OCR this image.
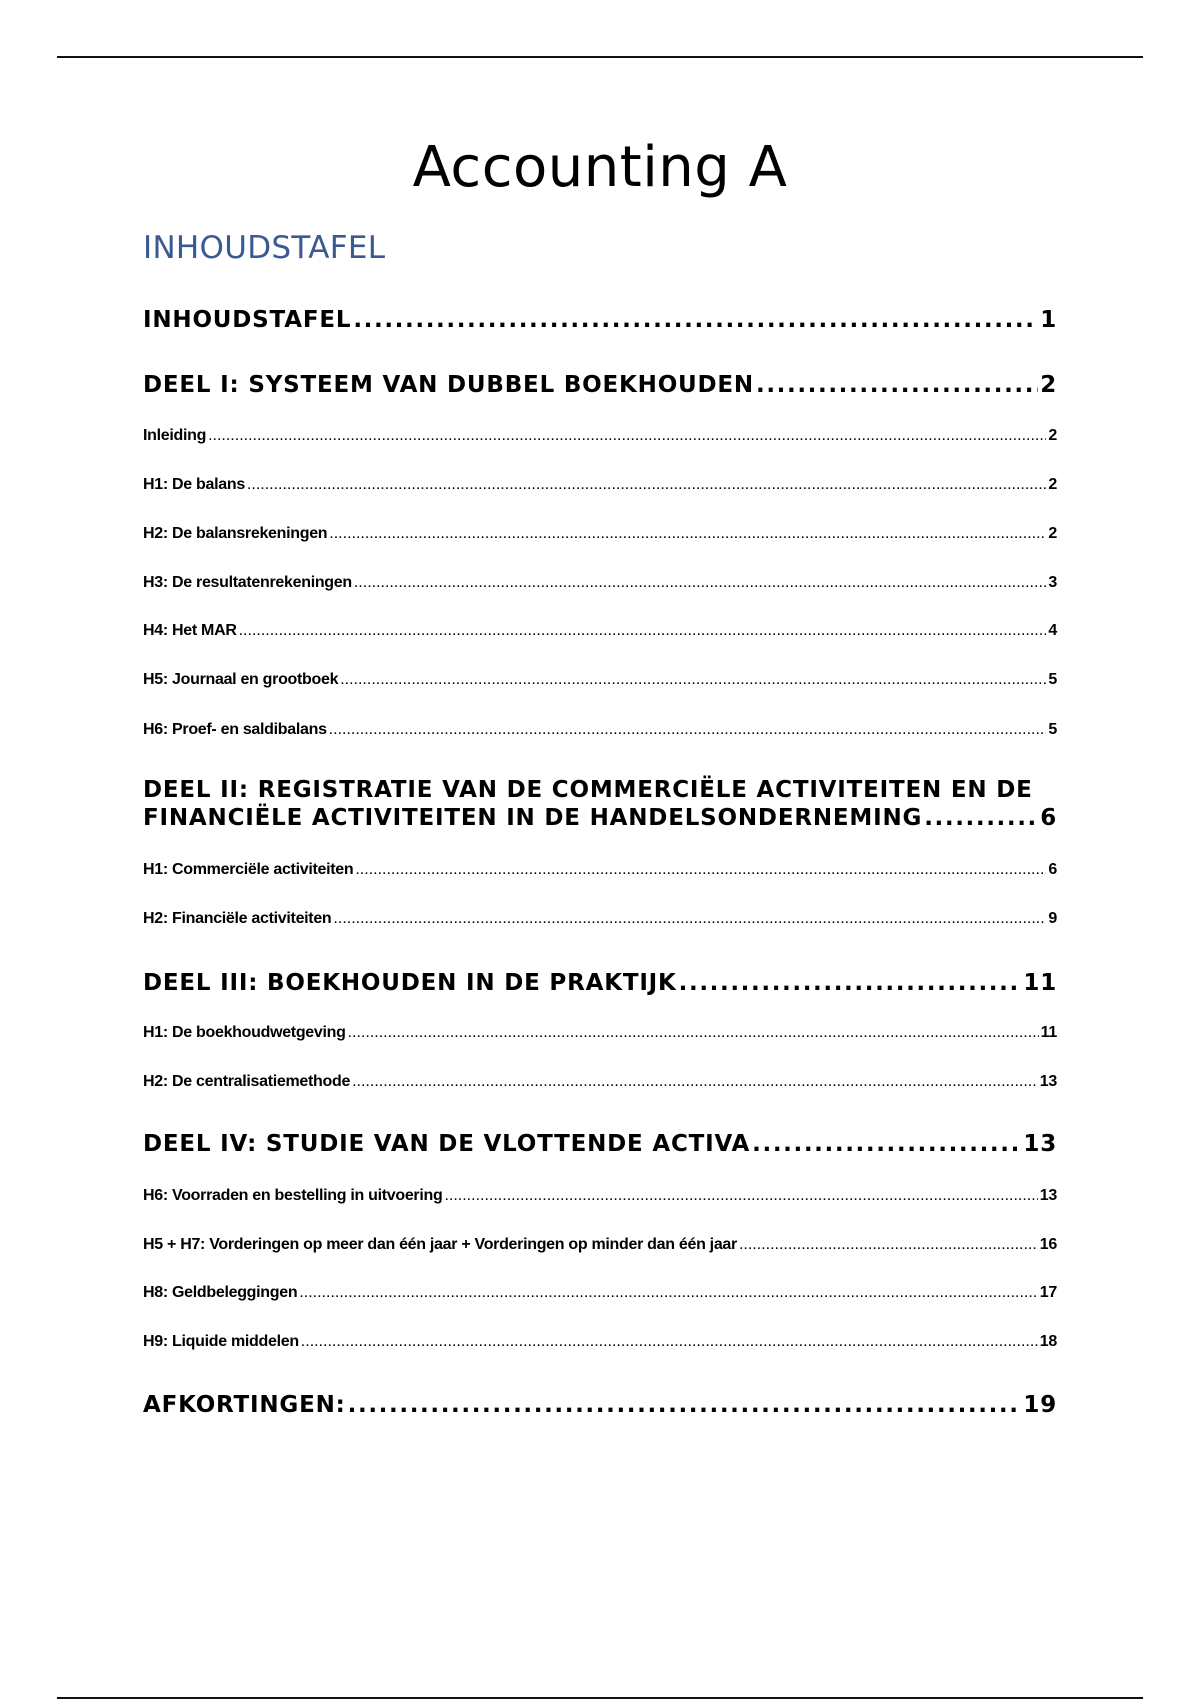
Accounting A
INHOUDSTAFEL
INHOUDSTAFEL .....	1
DEEL I: SYSTEEM VAN DUBBEL BOEKHOUDEN .....	2
Inleiding .....	2
H1: De balans .....	2
H2: De balansrekeningen .....	2
H3: De resultatenrekeningen .....	3
H4: Het MAR .....	4
H5: Journaal en grootboek .....	5
H6: Proef- en saldibalans .....	5
DEEL II: REGISTRATIE VAN DE COMMERCIËLE ACTIVITEITEN EN DE
FINANCIËLE ACTIVITEITEN IN DE HANDELSONDERNEMING .....	6
H1: Commerciële activiteiten .....	6
H2: Financiële activiteiten .....	9
DEEL III: BOEKHOUDEN IN DE PRAKTIJK .....	11
H1: De boekhoudwetgeving .....	11
H2: De centralisatiemethode .....	13
DEEL IV: STUDIE VAN DE VLOTTENDE ACTIVA .....	13
H6: Voorraden en bestelling in uitvoering .....	13
H5 + H7: Vorderingen op meer dan één jaar + Vorderingen op minder dan één jaar .....	16
H8: Geldbeleggingen .....	17
H9: Liquide middelen .....	18
AFKORTINGEN: .....	19
